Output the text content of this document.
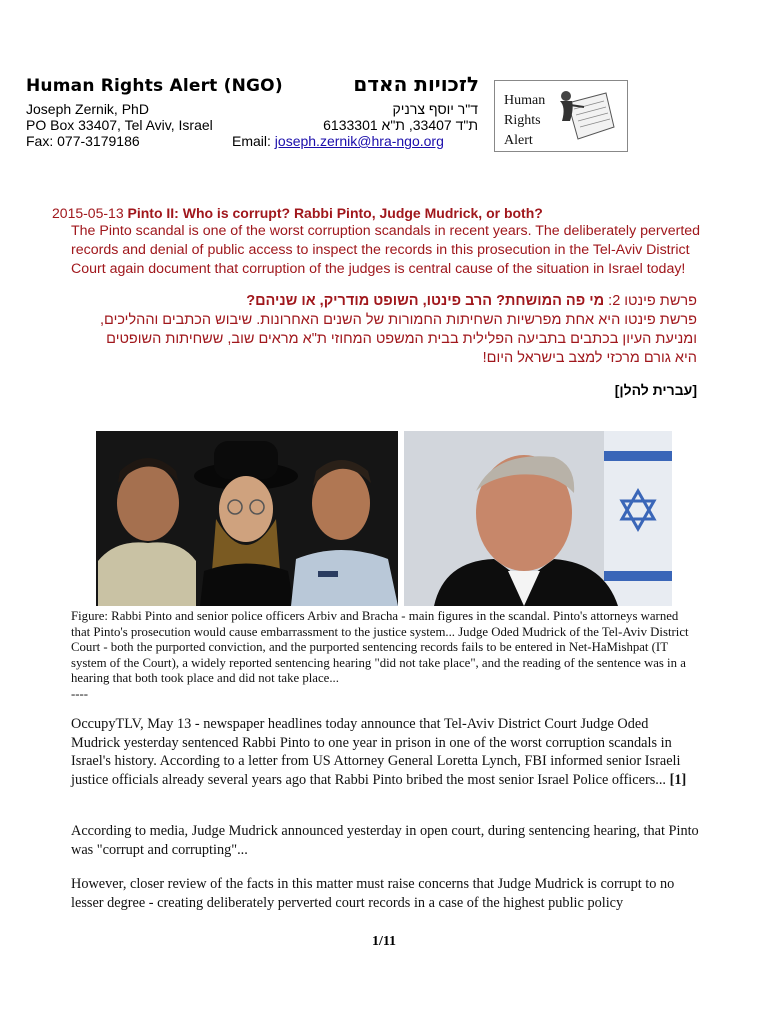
Human Rights Alert (NGO)	לזכויות האדם
Joseph Zernik, PhD
PO Box 33407, Tel Aviv, Israel
Fax: 077-3179186
ד"ר יוסף צרניק
ת"ד 33407, ת"א 6133301
Email: joseph.zernik@hra-ngo.org
Human
Rights
Alert
2015-05-13 Pinto II: Who is corrupt? Rabbi Pinto, Judge Mudrick, or both?
The Pinto scandal is one of the worst corruption scandals in recent years. The deliberately perverted records and denial of public access to inspect the records in this prosecution in the Tel-Aviv District Court again document that corruption of the judges is central cause of the situation in Israel today!
פרשת פינטו 2: מי פה המושחת? הרב פינטו, השופט מודריק, או שניהם?
פרשת פינטו היא אחת מפרשיות השחיתות החמורות של השנים האחרונות. שיבוש הכתבים וההליכים,
ומניעת העיון בכתבים בתביעה הפלילית בבית המשפט המחוזי ת"א מראים שוב, ששחיתות השופטים
היא גורם מרכזי למצב בישראל היום!
[עברית להלן]
Figure: Rabbi Pinto and senior police officers Arbiv and Bracha - main figures in the scandal. Pinto's attorneys warned that Pinto's prosecution would cause embarrassment to the justice system... Judge Oded Mudrick of the Tel-Aviv District Court - both the purported conviction, and the purported sentencing records fails to be entered in Net-HaMishpat (IT system of the Court), a widely reported sentencing hearing "did not take place", and the reading of the sentence was in a hearing that both took place and did not take place...
----
OccupyTLV, May 13 - newspaper headlines today announce that Tel-Aviv District Court Judge Oded Mudrick yesterday sentenced Rabbi Pinto to one year in prison in one of the worst corruption scandals in Israel's history. According to a letter from US Attorney General Loretta Lynch, FBI informed senior Israeli justice officials already several years ago that Rabbi Pinto bribed the most senior Israel Police officers... [1]
According to media, Judge Mudrick announced yesterday in open court, during sentencing hearing, that Pinto was "corrupt and corrupting"...
However, closer review of the facts in this matter must raise concerns that Judge Mudrick is corrupt to no lesser degree - creating deliberately perverted court records in a case of the highest public policy
1/11
